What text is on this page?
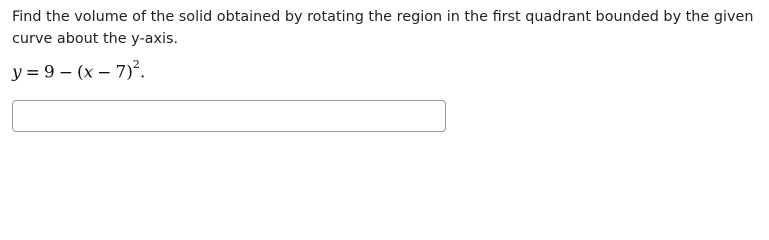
Find the volume of the solid obtained by rotating the region in the first quadrant bounded by the given curve about the y-axis.
$y = 9 - (x - 7)^2$.
